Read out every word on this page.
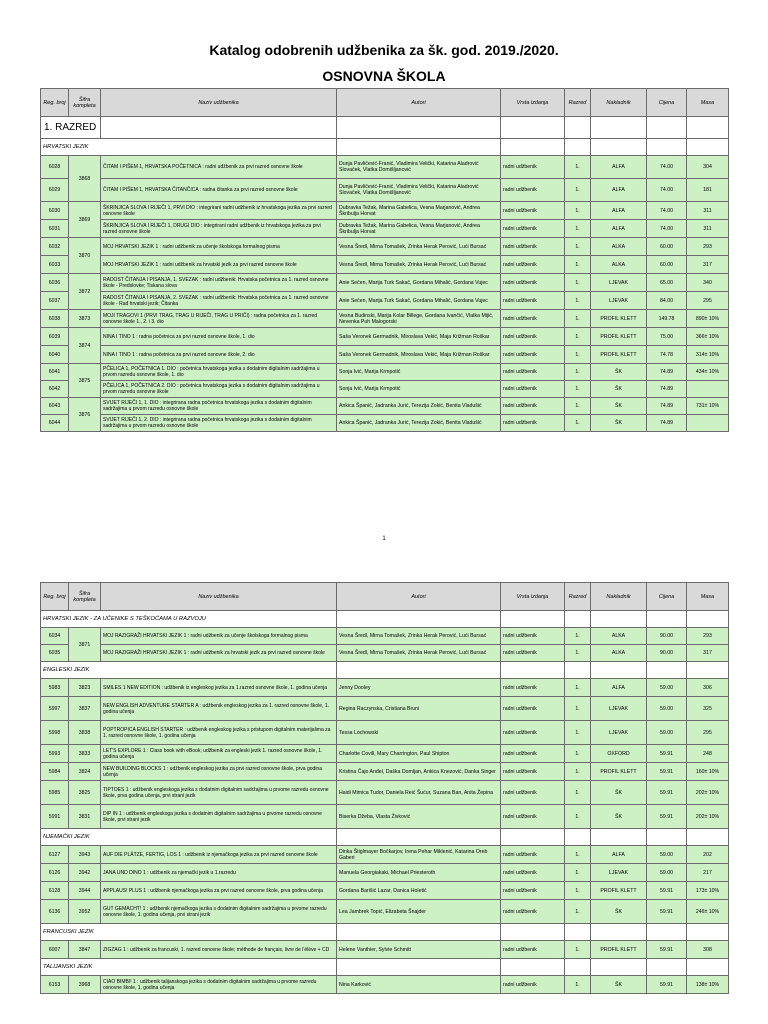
Katalog odobrenih udžbenika za šk. god. 2019./2020.
OSNOVNA ŠKOLA
Reg. broj	Šifra kompleta	Naziv udžbenika	Autori	Vrsta izdanja	Razred	Nakladnik	Cijena	Masa
1. RAZRED								
HRVATSKI JEZIK								
6028	3868	ČITAM I PIŠEM 1, HRVATSKA POČETNICA : radni udžbenik za prvi razred osnovne škole	Dunja Pavličević-Franić, Vladimira Velički, Katarina Aladrović Slovaček, Vlatka Domišljanović	radni udžbenik	1.	ALFA	74.00	304
6029		ČITAM I PIŠEM 1, HRVATSKA ČITANČICA : radna čitanka za prvi razred osnovne škole	Dunja Pavličević-Franić, Vladimira Velički, Katarina Aladrović Slovaček, Vlatka Domišljanović	radni udžbenik	1.	ALFA	74.00	181
6030	3869	ŠKRINJICA SLOVA I RIJEČI 1, PRVI DIO : integrirani radni udžbenik iz hrvatskoga jezika za prvi razred osnovne škole	Dubravka Težak, Marina Gabelica, Vesna Marjanović, Andrea Škribulja Horvat	radni udžbenik	1.	ALFA	74.00	311
6031		ŠKRINJICA SLOVA I RIJEČI 1, DRUGI DIO : integrirani radni udžbenik iz hrvatskoga jezika za prvi razred osnovne škole	Dubravka Težak, Marina Gabelica, Vesna Marjanović, Andrea Škribulja Horvat	radni udžbenik	1.	ALFA	74.00	311
6032	3870	MOJ HRVATSKI JEZIK 1 : radni udžbenik za učenje školskoga formalnog pisma	Vesna Šredl, Mirna Tomašek, Zrinka Herak Perović, Lući Bursać	radni udžbenik	1.	ALKA	60.00	293
6033		MOJ HRVATSKI JEZIK 1 : radni udžbenik za hrvatski jezik za prvi razred osnovne škole	Vesna Šredl, Mirna Tomašek, Zrinka Herak Perović, Lući Bursać	radni udžbenik	1.	ALKA	60.00	317
6036	3872	RADOST ČITANJA I PISANJA, 1. SVEZAK : radni udžbenik: Hrvatska početnica za 1. razred osnovne škole - Predslovke; Tiskana slova	Anie Sečen, Marija Turk Sakač, Gordana Mihalić, Gordana Vujec	radni udžbenik	1.	LJEVAK	65.00	340
6037		RADOST ČITANJA I PISANJA, 2. SVEZAK : radni udžbenik: Hrvatska početnica za 1. razred osnovne škole - Rađ hrvatski jezik; Čitanka	Anie Sečen, Marija Turk Sakač, Gordana Mihalić, Gordana Vujec	radni udžbenik	1.	LJEVAK	84.00	295
6038	3873	MOJI TRAGOVI 1 (PRVI TRAG, TRAG U RIJEČI, TRAG U PRIČI) : radna početnica za 1. razred osnovne škole 1., 2. i 3. dio	Vesna Budinski, Marija Kolar Billege, Gordana Ivančić, Vlatka Mijić, Nevenka Puh Malogorski	radni udžbenik	1.	PROFIL KLETT	149.78	890± 10%
6039	3874	NINA I TINO 1 : radna početnica za prvi razred osnovne škole, 1. dio	Saša Veronek Germadnik, Miroslava Vekić, Maja Križman Roškar	radni udžbenik	1.	PROFIL KLETT	75.00	366± 10%
6040		NINA I TINO 1 : radna početnica za prvi razred osnovne škole, 2. dio	Saša Veronek Germadnik, Miroslava Vekić, Maja Križman Roškar	radni udžbenik	1.	PROFIL KLETT	74.78	314± 10%
6041	3875	PČELICA 1, POČETNICA 1. DIO : početnica hrvatskoga jezika s dodatnim digitalnim sadržajima u prvom razredu osnovne škole, 1. dio	Sonja Ivić, Marija Krmpotić	radni udžbenik	1.	ŠK	74.89	434± 10%
6042		PČELICA 1, POČETNICA 2. DIO : početnica hrvatskoga jezika s dodatnim digitalnim sadržajima u prvom razredu osnovne škole	Sonja Ivić, Marija Krmpotić	radni udžbenik	1.	ŠK	74.89	
6043	3876	SVIJET RIJEČI 1, 1. DIO : integrirana radna početnica hrvatskoga jezika s dodatnim digitalnim sadržajima u prvom razredu osnovne škole	Ankica Španić, Jadranka Jurić, Terezija Zokić, Benita Vladušić	radni udžbenik	1.	ŠK	74.89	731± 10%
6044		SVIJET RIJEČI 1, 2. DIO : integrirana radna početnica hrvatskoga jezika s dodatnim digitalnim sadržajima u prvom razredu osnovne škole	Ankica Španić, Jadranka Jurić, Terezija Zokić, Benita Vladušić	radni udžbenik	1.	ŠK	74.89	
1
Reg. broj	Šifra kompleta	Naziv udžbenika	Autori	Vrsta izdanja	Razred	Nakladnik	Cijena	Masa
HRVATSKI JEZIK - ZA UČENIKE S TEŠKOĆAMA U RAZVOJU								
6034	3871	MOJ RAZIGRAŽI HRVATSKI JEZIK 1 : radni udžbenik za učenje školskoga formalnog pisma	Vesna Šredl, Mirna Tomašek, Zrinka Herak Perović, Lući Bursać	radni udžbenik	1.	ALKA	90.00	293
6035		MOJ RAZIGRAŽI HRVATSKI JEZIK 1 : radni udžbenik za hrvatski jezik za prvi razred osnovne škole	Vesna Šredl, Mirna Tomašek, Zrinka Herak Perović, Lući Bursać	radni udžbenik	1.	ALKA	90.00	317
ENGLESKI JEZIK								
5983	3823	SMILES 1 NEW EDITION : udžbenik iz engleskog jezika za 1.razred osnovne škole, 1. godina učenja	Jenny Dooley	radni udžbenik	1.	ALFA	59.00	306
5997	3837	NEW ENGLISH ADVENTURE STARTER A : udžbenik engleskog jezika za 1. razred osnovne škole, 1. godina učenja	Regina Raczynska, Cristiana Bruni	radni udžbenik	1.	LJEVAK	59.00	325
5998	3838	POPTROPICA ENGLISH STARTER : udžbenik engleskog jezika s pristupom digitalnim materijalima za 1. razred osnovne škole, 1. godina učenja	Tessa Lochowski	radni udžbenik	1.	LJEVAK	59.00	295
5993	3833	LET'S EXPLORE 1 : Class book with eBook; udžbenik za engleski jezik 1. razred osnovne škole, 1. godina učenja	Charlotte Covill, Mary Charrington, Paul Shipton	radni udžbenik	1.	OXFORD	59.91	248
5984	3824	NEW BUILDING BLOCKS 1 : udžbenik engleskog jezika za prvi razred osnovne škole, prva godina učenja	Kristina Čajo Anđel, Daška Domljan, Ankica Knezović, Danka Singer	radni udžbenik	1.	PROFIL KLETT	59.91	160± 10%
5985	3825	TIPTOES 1 : udžbenik engleskoga jezika s dodatnim digitalnim sadržajima u prvome razredu osnovne škole, prva godina učenja, prvi strani jezik	Haidi Mimica Tudor, Daniela Reić Šućur, Suzana Ban, Anita Žepina	radni udžbenik	1.	ŠK	59.91	202± 10%
5991	3831	DIP IN 1 : udžbenik engleskoga jezika s dodatnim digitalnim sadržajima u prvome razredu osnovne škole, prvi strani jezik	Biserka Džeba, Vlasta Živković	radni udžbenik	1.	ŠK	59.91	202± 10%
NJEMAČKI JEZIK								
6127	3943	AUF DIE PLÄTZE, FERTIG, LOS 1 : udžbenik iz njemačkoga jezika za prvi razred osnovne škole	Dinka Štiglmayer Bočkarjov, Irena Pehar Miklenić, Katarina Oreb Gaberi	radni udžbenik	1.	ALFA	59.00	202
6126	3942	JANA UND DINO 1 : udžbenik za njemački jezik u 1.razredu	Manuela Georgiakaki, Michael Priesteroth	radni udžbenik	1.	LJEVAK	59.00	217
6128	3944	APPLAUS! PLUS 1 : udžbenik njemačkoga jezika za prvi razred osnovne škole, prva godina učenja	Gordana Barišić Lazar, Danica Holetić	radni udžbenik	1.	PROFIL KLETT	59.91	173± 10%
6136	3952	GUT GEMACHT! 1 : udžbenik njemačkoga jezika s dodatnim digitalnim sadržajima u prvome razredu osnovne škole, 1. godina učenja, prvi strani jezik	Lea Jambrek Topić, Elizabeta Šnajder	radni udžbenik	1.	ŠK	59.91	246± 10%
FRANCUSKI JEZIK								
6007	3847	ZIGZAG 1 : udžbenik za francuski, 1. razred osnovne škole; méthode de français, livre de l'élève + CD	Helene Vanthier, Sylvie Schmitt	radni udžbenik	1.	PROFIL KLETT	59.91	308
TALIJANSKI JEZIK								
6153	3968	CIAO BIMBI! 1 : udžbenik talijanskoga jezika s dodatnim digitalnim sadržajima u prvome razredu osnovne škole, 1. godina učenja	Nina Karković	radni udžbenik	1.	ŠK	59.91	138± 10%
